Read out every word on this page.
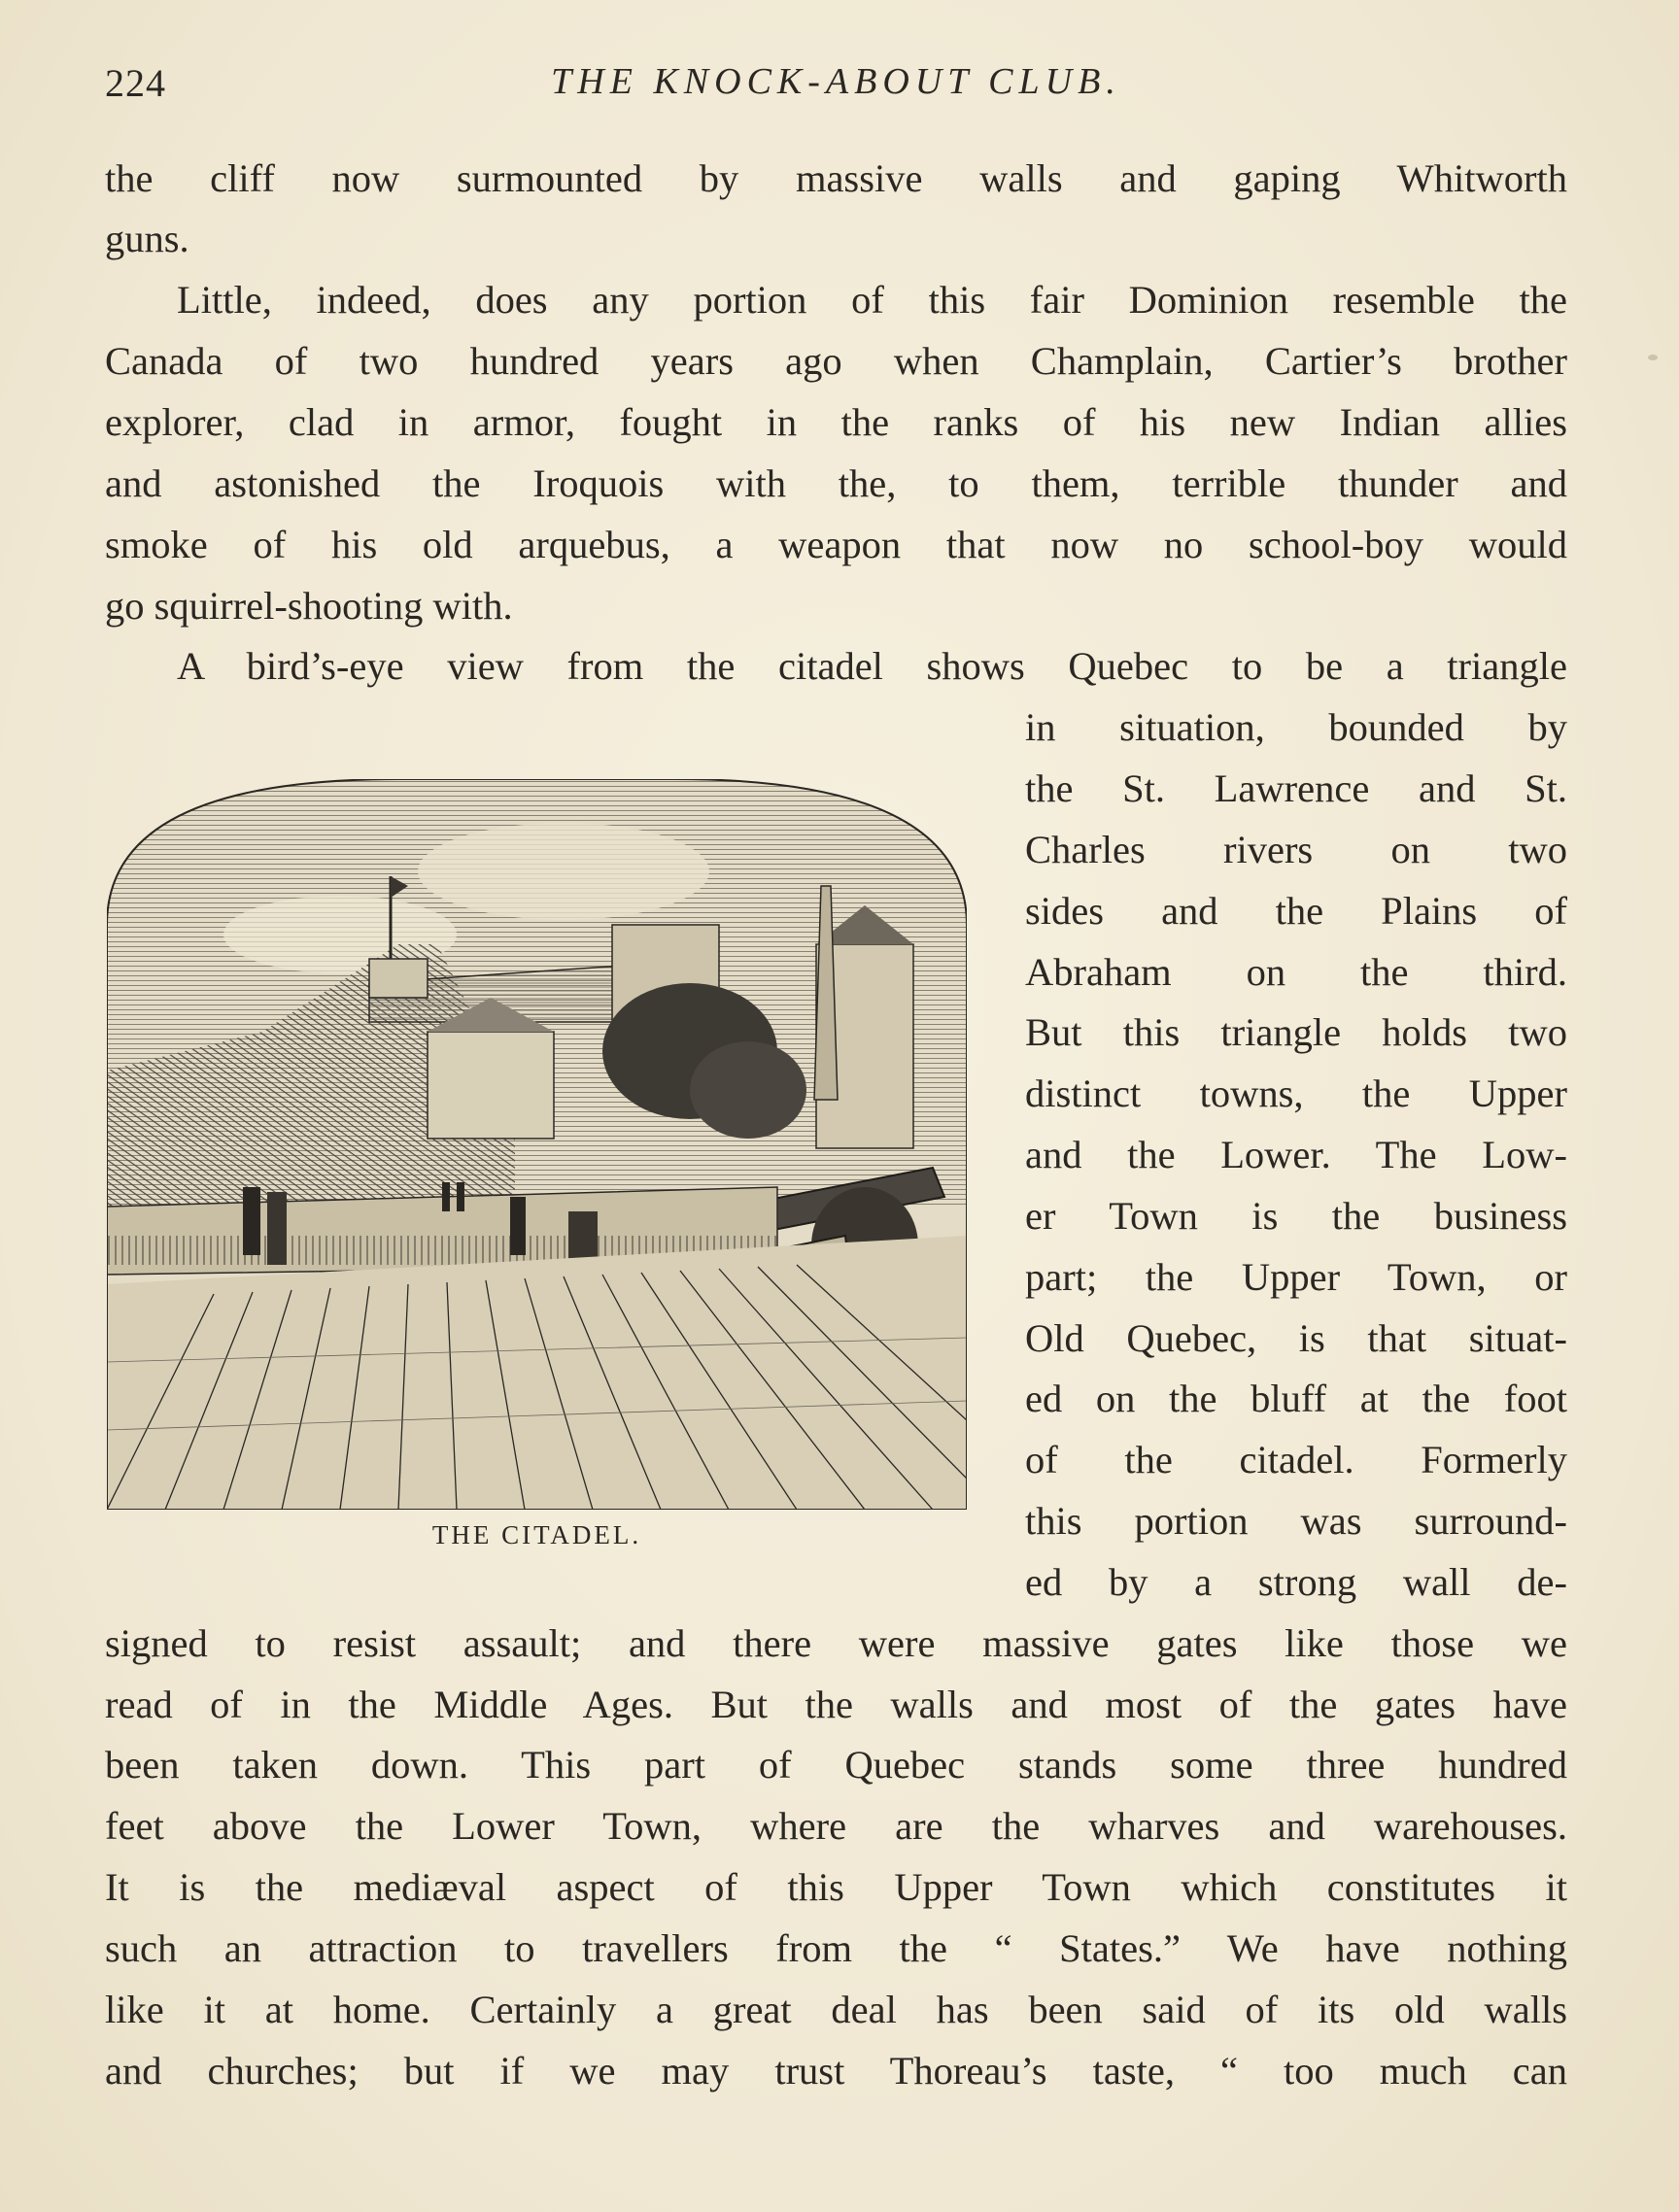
224	THE KNOCK-ABOUT CLUB.
the cliff now surmounted by massive walls and gaping Whitworth
guns.
Little, indeed, does any portion of this fair Dominion resemble the
Canada of two hundred years ago when Champlain, Cartier’s brother
explorer, clad in armor, fought in the ranks of his new Indian allies
and astonished the Iroquois with the, to them, terrible thunder and
smoke of his old arquebus, a weapon that now no school-boy would
go squirrel-shooting with.
A bird’s-eye view from the citadel shows Quebec to be a triangle
in situation, bounded by
the St. Lawrence and St.
Charles rivers on two
sides and the Plains of
Abraham on the third.
But this triangle holds two
distinct towns, the Upper
and the Lower. The Low-
er Town is the business
part; the Upper Town, or
Old Quebec, is that situat-
ed on the bluff at the foot
of the citadel. Formerly
this portion was surround-
ed by a strong wall de-
signed to resist assault; and there were massive gates like those we
read of in the Middle Ages. But the walls and most of the gates have
been taken down. This part of Quebec stands some three hundred
feet above the Lower Town, where are the wharves and warehouses.
It is the mediæval aspect of this Upper Town which constitutes it
such an attraction to travellers from the “ States.” We have nothing
like it at home. Certainly a great deal has been said of its old walls
and churches; but if we may trust Thoreau’s taste, “ too much can
THE CITADEL.
